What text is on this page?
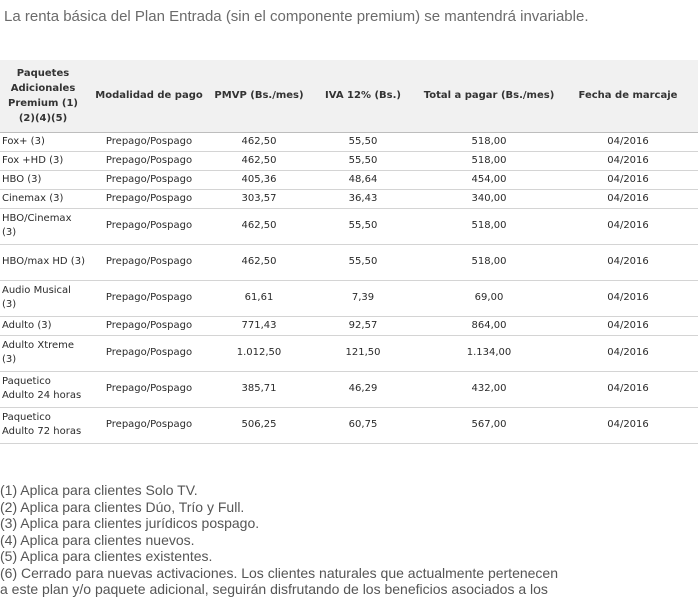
La renta básica del Plan Entrada (sin el componente premium) se mantendrá invariable.
Paquetes Adicionales Premium (1) (2)(4)(5)	Modalidad de pago	PMVP (Bs./mes)	IVA 12% (Bs.)	Total a pagar (Bs./mes)	Fecha de marcaje
Fox+ (3)	Prepago/Pospago	462,50	55,50	518,00	04/2016
Fox +HD (3)	Prepago/Pospago	462,50	55,50	518,00	04/2016
HBO (3)	Prepago/Pospago	405,36	48,64	454,00	04/2016
Cinemax (3)	Prepago/Pospago	303,57	36,43	340,00	04/2016
HBO/Cinemax (3)	Prepago/Pospago	462,50	55,50	518,00	04/2016
HBO/max HD (3)	Prepago/Pospago	462,50	55,50	518,00	04/2016
Audio Musical (3)	Prepago/Pospago	61,61	7,39	69,00	04/2016
Adulto (3)	Prepago/Pospago	771,43	92,57	864,00	04/2016
Adulto Xtreme (3)	Prepago/Pospago	1.012,50	121,50	1.134,00	04/2016
Paquetico Adulto 24 horas	Prepago/Pospago	385,71	46,29	432,00	04/2016
Paquetico Adulto 72 horas	Prepago/Pospago	506,25	60,75	567,00	04/2016
(1) Aplica para clientes Solo TV.
(2) Aplica para clientes Dúo, Trío y Full.
(3) Aplica para clientes jurídicos pospago.
(4) Aplica para clientes nuevos.
(5) Aplica para clientes existentes.
(6) Cerrado para nuevas activaciones. Los clientes naturales que actualmente pertenecen
a este plan y/o paquete adicional, seguirán disfrutando de los beneficios asociados a los
